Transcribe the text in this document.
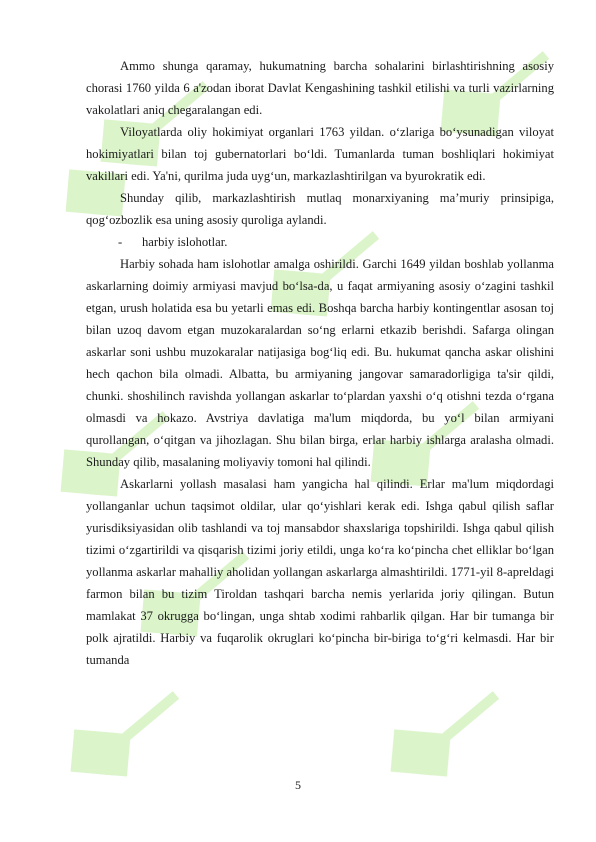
Ammo shunga qaramay, hukumatning barcha sohalarini birlashtirishning asosiy chorasi 1760 yilda 6 a'zodan iborat Davlat Kengashining tashkil etilishi va turli vazirlarning vakolatlari aniq chegaralangan edi.

Viloyatlarda oliy hokimiyat organlari 1763 yildan. o‘zlariga bo‘ysunadigan viloyat hokimiyatlari bilan toj gubernatorlari bo‘ldi. Tumanlarda tuman boshliqlari hokimiyat vakillari edi. Ya'ni, qurilma juda uyg‘un, markazlashtirilgan va byurokratik edi.

Shunday qilib, markazlashtirish mutlaq monarxiyaning ma’muriy prinsipiga, qog‘ozbozlik esa uning asosiy quroliga aylandi.

- harbiy islohotlar.

Harbiy sohada ham islohotlar amalga oshirildi. Garchi 1649 yildan boshlab yollanma askarlarning doimiy armiyasi mavjud bo‘lsa-da, u faqat armiyaning asosiy o‘zagini tashkil etgan, urush holatida esa bu yetarli emas edi. Boshqa barcha harbiy kontingentlar asosan toj bilan uzoq davom etgan muzokaralardan so‘ng erlarni etkazib berishdi. Safarga olingan askarlar soni ushbu muzokaralar natijasiga bog‘liq edi. Bu. hukumat qancha askar olishini hech qachon bila olmadi. Albatta, bu armiyaning jangovar samaradorligiga ta'sir qildi, chunki. shoshilinch ravishda yollangan askarlar to‘plardan yaxshi o‘q otishni tezda o‘rgana olmasdi va hokazo. Avstriya davlatiga ma'lum miqdorda, bu yo‘l bilan armiyani qurollangan, o‘qitgan va jihozlagan. Shu bilan birga, erlar harbiy ishlarga aralasha olmadi. Shunday qilib, masalaning moliyaviy tomoni hal qilindi.

Askarlarni yollash masalasi ham yangicha hal qilindi. Erlar ma'lum miqdordagi yollanganlar uchun taqsimot oldilar, ular qo‘yishlari kerak edi. Ishga qabul qilish saflar yurisdiksiyasidan olib tashlandi va toj mansabdor shaxslariga topshirildi. Ishga qabul qilish tizimi o‘zgartirildi va qisqarish tizimi joriy etildi, unga ko‘ra ko‘pincha chet elliklar bo‘lgan yollanma askarlar mahalliy aholidan yollangan askarlarga almashtirildi. 1771-yil 8-apreldagi farmon bilan bu tizim Tiroldan tashqari barcha nemis yerlarida joriy qilingan. Butun mamlakat 37 okrugga bo‘lingan, unga shtab xodimi rahbarlik qilgan. Har bir tumanga bir polk ajratildi. Harbiy va fuqarolik okruglari ko‘pincha bir-biriga to‘g‘ri kelmasdi. Har bir tumanda

5
